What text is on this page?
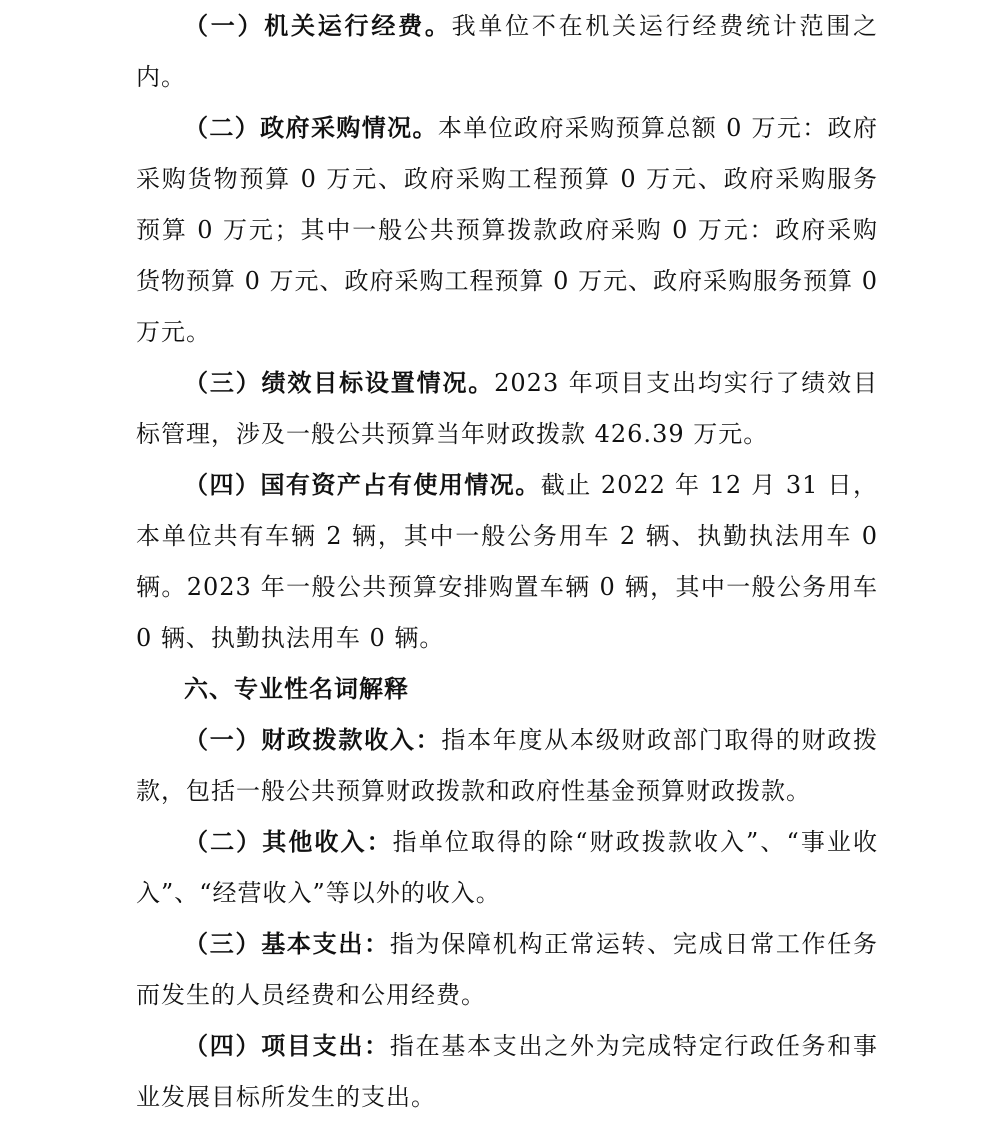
（一）机关运行经费。我单位不在机关运行经费统计范围之内。

（二）政府采购情况。本单位政府采购预算总额 0 万元：政府采购货物预算 0 万元、政府采购工程预算 0 万元、政府采购服务预算 0 万元；其中一般公共预算拨款政府采购 0 万元：政府采购货物预算 0 万元、政府采购工程预算 0 万元、政府采购服务预算 0 万元。

（三）绩效目标设置情况。2023 年项目支出均实行了绩效目标管理，涉及一般公共预算当年财政拨款 426.39 万元。

（四）国有资产占有使用情况。截止 2022 年 12 月 31 日，本单位共有车辆 2 辆，其中一般公务用车 2 辆、执勤执法用车 0 辆。2023 年一般公共预算安排购置车辆 0 辆，其中一般公务用车 0 辆、执勤执法用车 0 辆。

六、专业性名词解释

（一）财政拨款收入：指本年度从本级财政部门取得的财政拨款，包括一般公共预算财政拨款和政府性基金预算财政拨款。

（二）其他收入：指单位取得的除“财政拨款收入”、“事业收入”、“经营收入”等以外的收入。

（三）基本支出：指为保障机构正常运转、完成日常工作任务而发生的人员经费和公用经费。

（四）项目支出：指在基本支出之外为完成特定行政任务和事业发展目标所发生的支出。
